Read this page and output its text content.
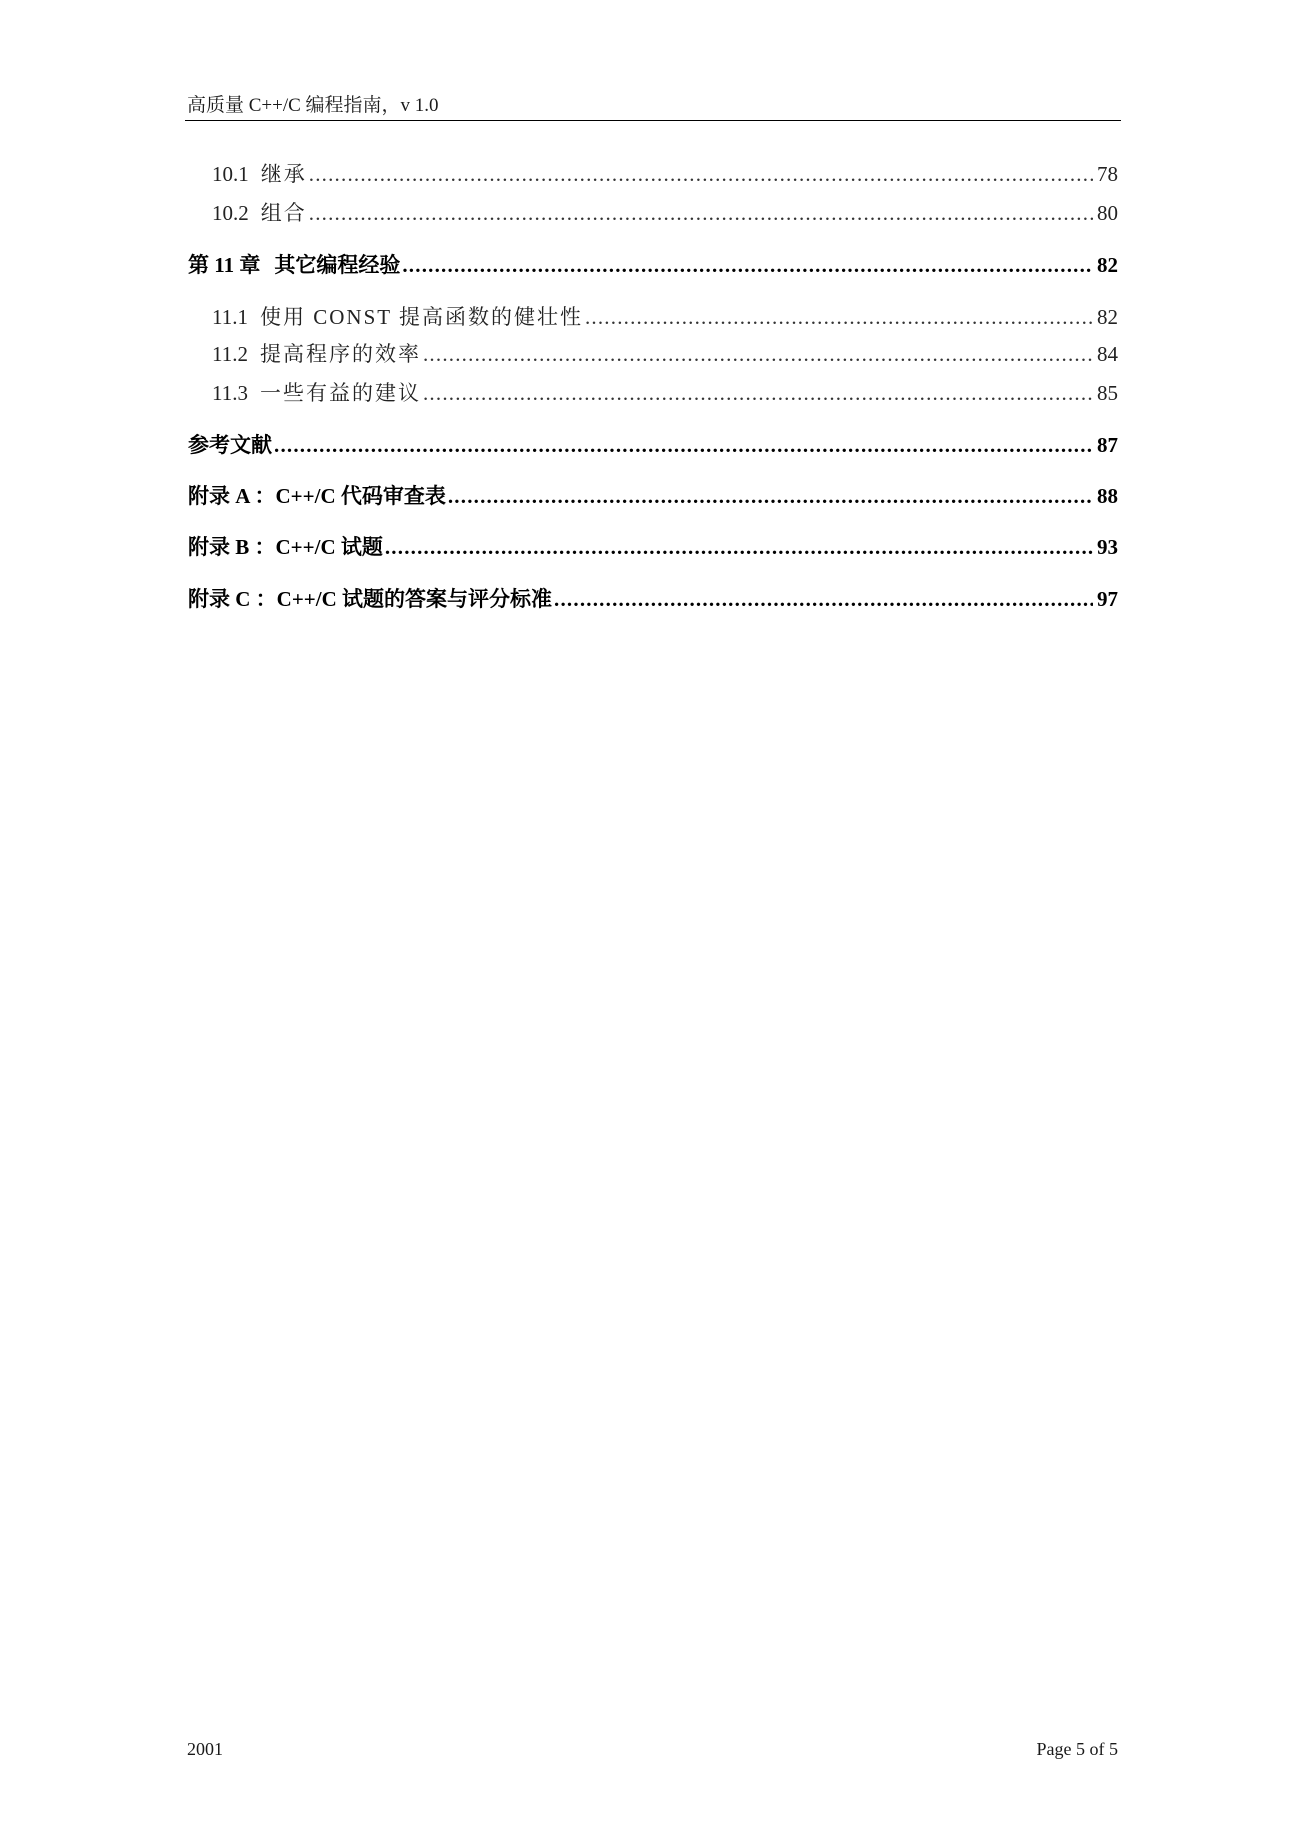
高质量 C++/C 编程指南，v 1.0
10.1 继承 .....	78
10.2 组合 .....	80
第 11 章 其它编程经验 .....	82
11.1 使用 CONST 提高函数的健壮性 .....	82
11.2 提高程序的效率 .....	84
11.3 一些有益的建议 .....	85
参考文献 .....	87
附录 A ：C++/C 代码审查表 .....	88
附录 B ：C++/C 试题 .....	93
附录 C ：C++/C 试题的答案与评分标准 .....	97
2001	Page 5 of 5
